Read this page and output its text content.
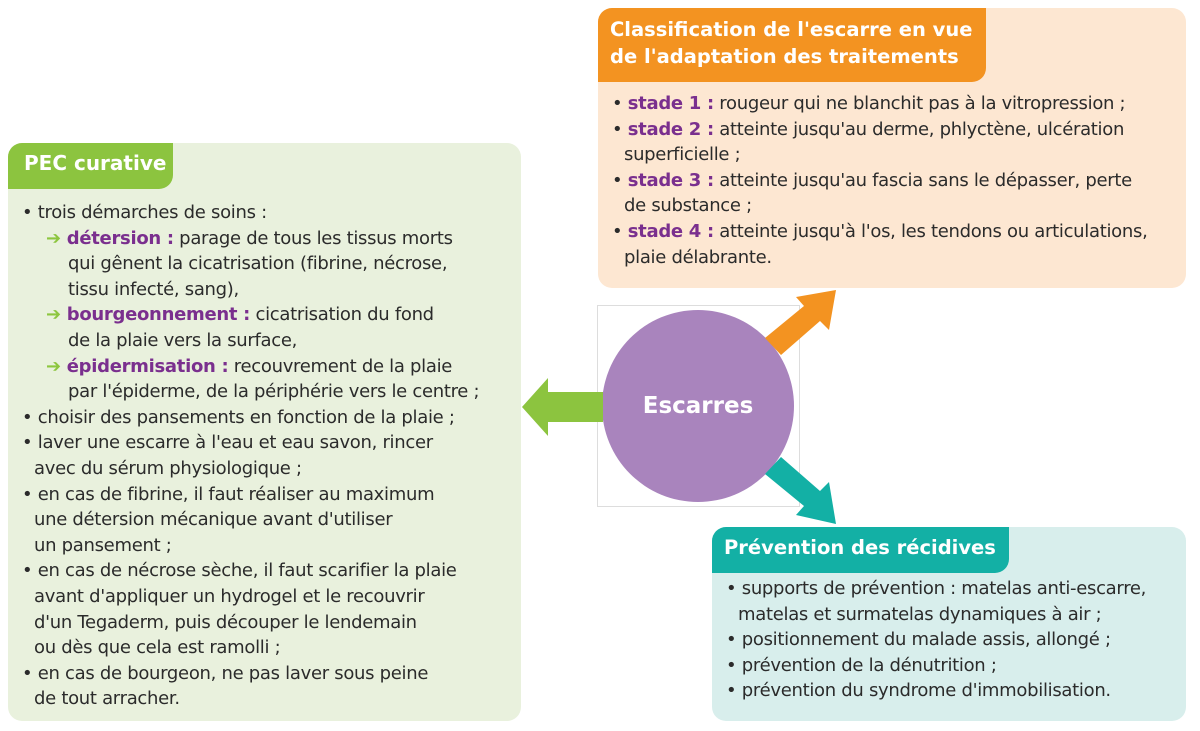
Escarres
PEC curative
• trois démarches de soins :
➔ détersion : parage de tous les tissus morts
qui gênent la cicatrisation (fibrine, nécrose,
tissu infecté, sang),
➔ bourgeonnement : cicatrisation du fond
de la plaie vers la surface,
➔ épidermisation : recouvrement de la plaie
par l'épiderme, de la périphérie vers le centre ;
• choisir des pansements en fonction de la plaie ;
• laver une escarre à l'eau et eau savon, rincer
avec du sérum physiologique ;
• en cas de fibrine, il faut réaliser au maximum
une détersion mécanique avant d'utiliser
un pansement ;
• en cas de nécrose sèche, il faut scarifier la plaie
avant d'appliquer un hydrogel et le recouvrir
d'un Tegaderm, puis découper le lendemain
ou dès que cela est ramolli ;
• en cas de bourgeon, ne pas laver sous peine
de tout arracher.
Classification de l'escarre en vue
de l'adaptation des traitements
• stade 1 : rougeur qui ne blanchit pas à la vitropression ;
• stade 2 : atteinte jusqu'au derme, phlyctène, ulcération
superficielle ;
• stade 3 : atteinte jusqu'au fascia sans le dépasser, perte
de substance ;
• stade 4 : atteinte jusqu'à l'os, les tendons ou articulations,
plaie délabrante.
Prévention des récidives
• supports de prévention : matelas anti-escarre,
matelas et surmatelas dynamiques à air ;
• positionnement du malade assis, allongé ;
• prévention de la dénutrition ;
• prévention du syndrome d'immobilisation.
